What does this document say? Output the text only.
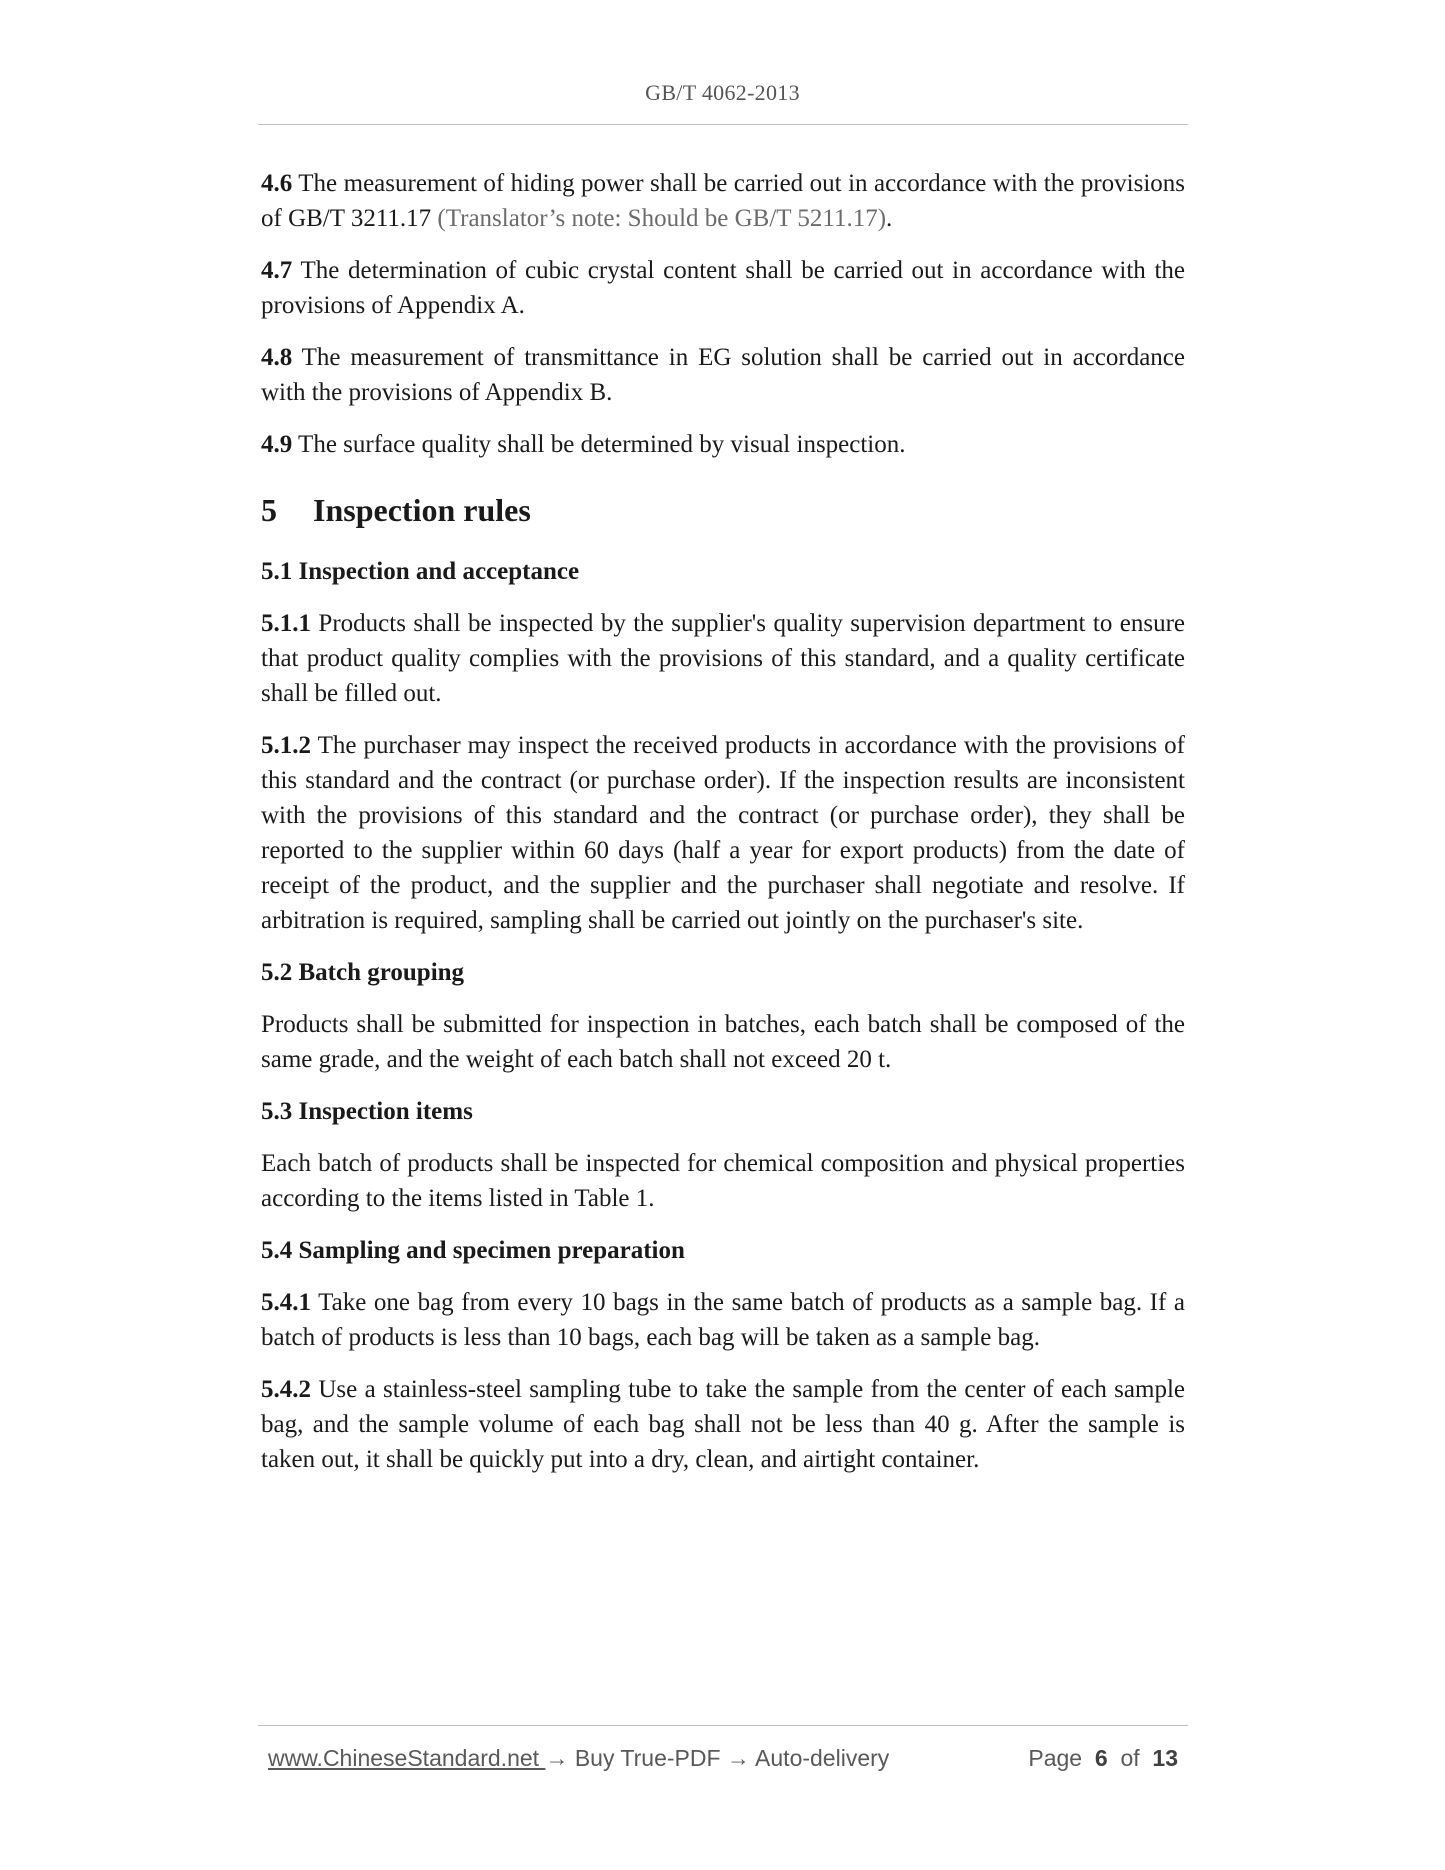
GB/T 4062-2013

4.6 The measurement of hiding power shall be carried out in accordance with the provisions of GB/T 3211.17 (Translator’s note: Should be GB/T 5211.17).

4.7 The determination of cubic crystal content shall be carried out in accordance with the provisions of Appendix A.

4.8 The measurement of transmittance in EG solution shall be carried out in accordance with the provisions of Appendix B.

4.9 The surface quality shall be determined by visual inspection.

5 Inspection rules

5.1 Inspection and acceptance

5.1.1 Products shall be inspected by the supplier's quality supervision department to ensure that product quality complies with the provisions of this standard, and a quality certificate shall be filled out.

5.1.2 The purchaser may inspect the received products in accordance with the provisions of this standard and the contract (or purchase order). If the inspection results are inconsistent with the provisions of this standard and the contract (or purchase order), they shall be reported to the supplier within 60 days (half a year for export products) from the date of receipt of the product, and the supplier and the purchaser shall negotiate and resolve. If arbitration is required, sampling shall be carried out jointly on the purchaser's site.

5.2 Batch grouping

Products shall be submitted for inspection in batches, each batch shall be composed of the same grade, and the weight of each batch shall not exceed 20 t.

5.3 Inspection items

Each batch of products shall be inspected for chemical composition and physical properties according to the items listed in Table 1.

5.4 Sampling and specimen preparation

5.4.1 Take one bag from every 10 bags in the same batch of products as a sample bag. If a batch of products is less than 10 bags, each bag will be taken as a sample bag.

5.4.2 Use a stainless-steel sampling tube to take the sample from the center of each sample bag, and the sample volume of each bag shall not be less than 40 g. After the sample is taken out, it shall be quickly put into a dry, clean, and airtight container.

www.ChineseStandard.net → Buy True-PDF → Auto-delivery	Page 6 of 13
